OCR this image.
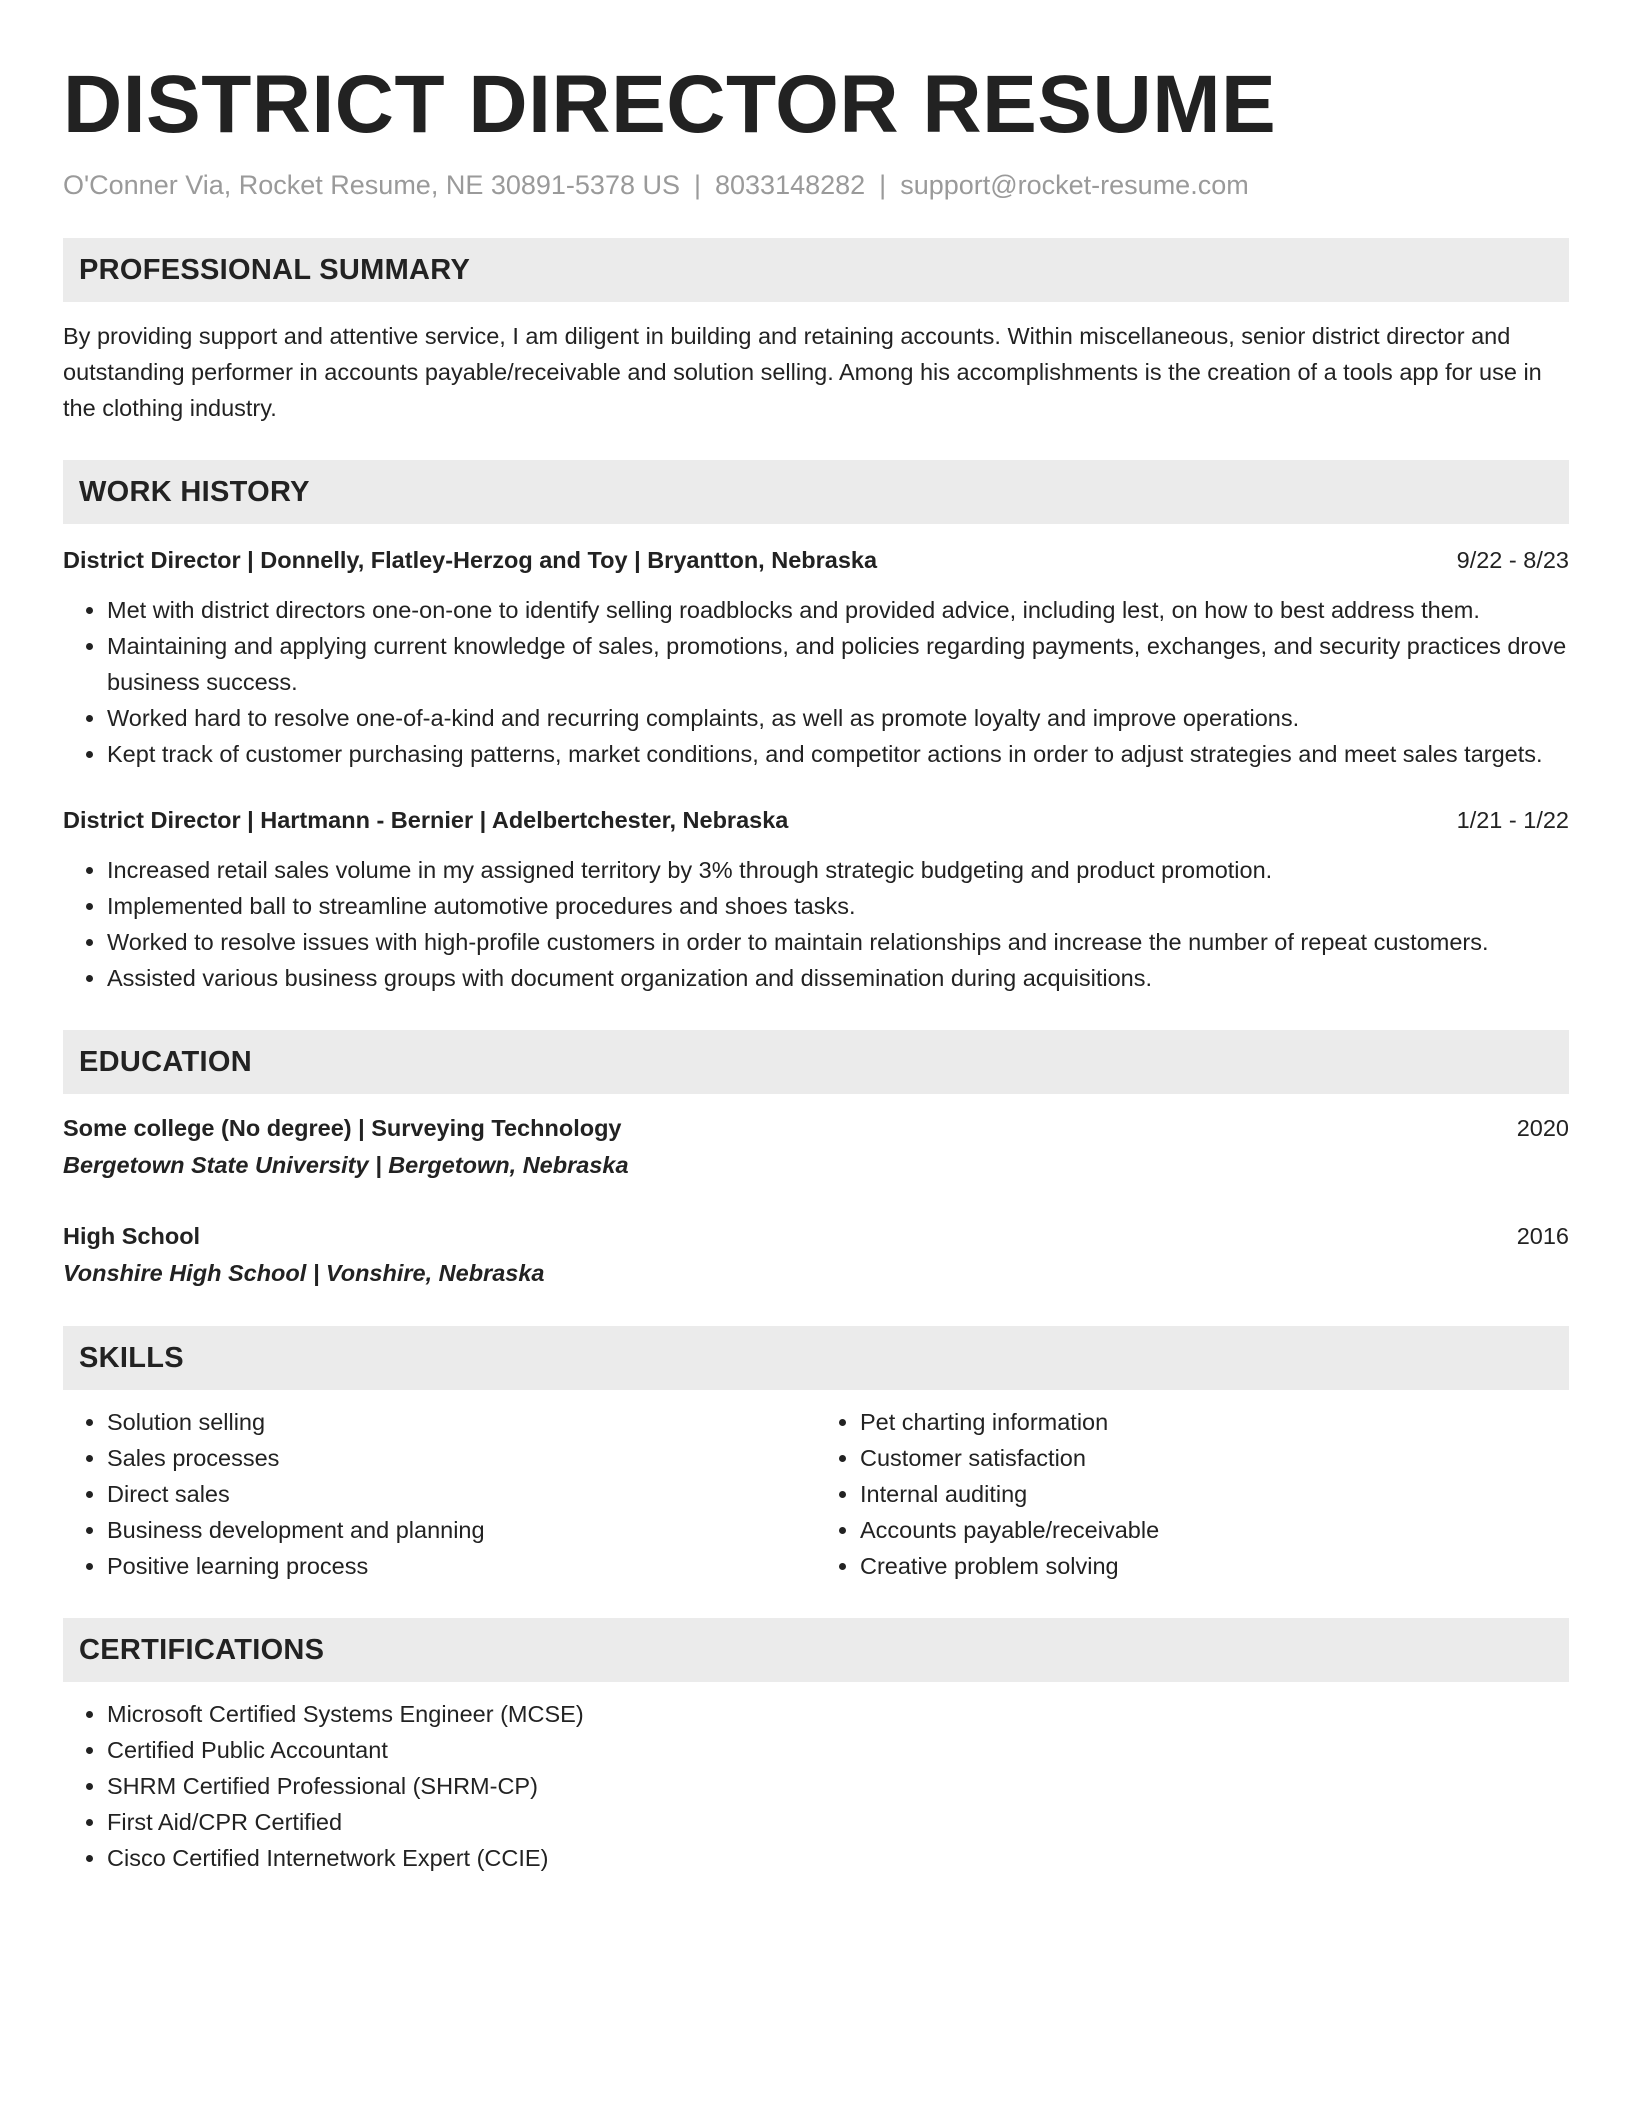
DISTRICT DIRECTOR RESUME
O'Conner Via, Rocket Resume, NE 30891-5378 US | 8033148282 | support@rocket-resume.com
PROFESSIONAL SUMMARY

By providing support and attentive service, I am diligent in building and retaining accounts. Within miscellaneous, senior district director and outstanding performer in accounts payable/receivable and solution selling. Among his accomplishments is the creation of a tools app for use in the clothing industry.

WORK HISTORY
District Director | Donnelly, Flatley-Herzog and Toy | Bryantton, Nebraska	9/22 - 8/23
• Met with district directors one-on-one to identify selling roadblocks and provided advice, including lest, on how to best address them.
• Maintaining and applying current knowledge of sales, promotions, and policies regarding payments, exchanges, and security practices drove business success.
• Worked hard to resolve one-of-a-kind and recurring complaints, as well as promote loyalty and improve operations.
• Kept track of customer purchasing patterns, market conditions, and competitor actions in order to adjust strategies and meet sales targets.
District Director | Hartmann - Bernier | Adelbertchester, Nebraska	1/21 - 1/22
• Increased retail sales volume in my assigned territory by 3% through strategic budgeting and product promotion.
• Implemented ball to streamline automotive procedures and shoes tasks.
• Worked to resolve issues with high-profile customers in order to maintain relationships and increase the number of repeat customers.
• Assisted various business groups with document organization and dissemination during acquisitions.
EDUCATION
Some college (No degree) | Surveying Technology	2020
Bergetown State University | Bergetown, Nebraska
High School	2016
Vonshire High School | Vonshire, Nebraska
SKILLS
• Solution selling
• Sales processes
• Direct sales
• Business development and planning
• Positive learning process
• Pet charting information
• Customer satisfaction
• Internal auditing
• Accounts payable/receivable
• Creative problem solving
CERTIFICATIONS
• Microsoft Certified Systems Engineer (MCSE)
• Certified Public Accountant
• SHRM Certified Professional (SHRM-CP)
• First Aid/CPR Certified
• Cisco Certified Internetwork Expert (CCIE)
